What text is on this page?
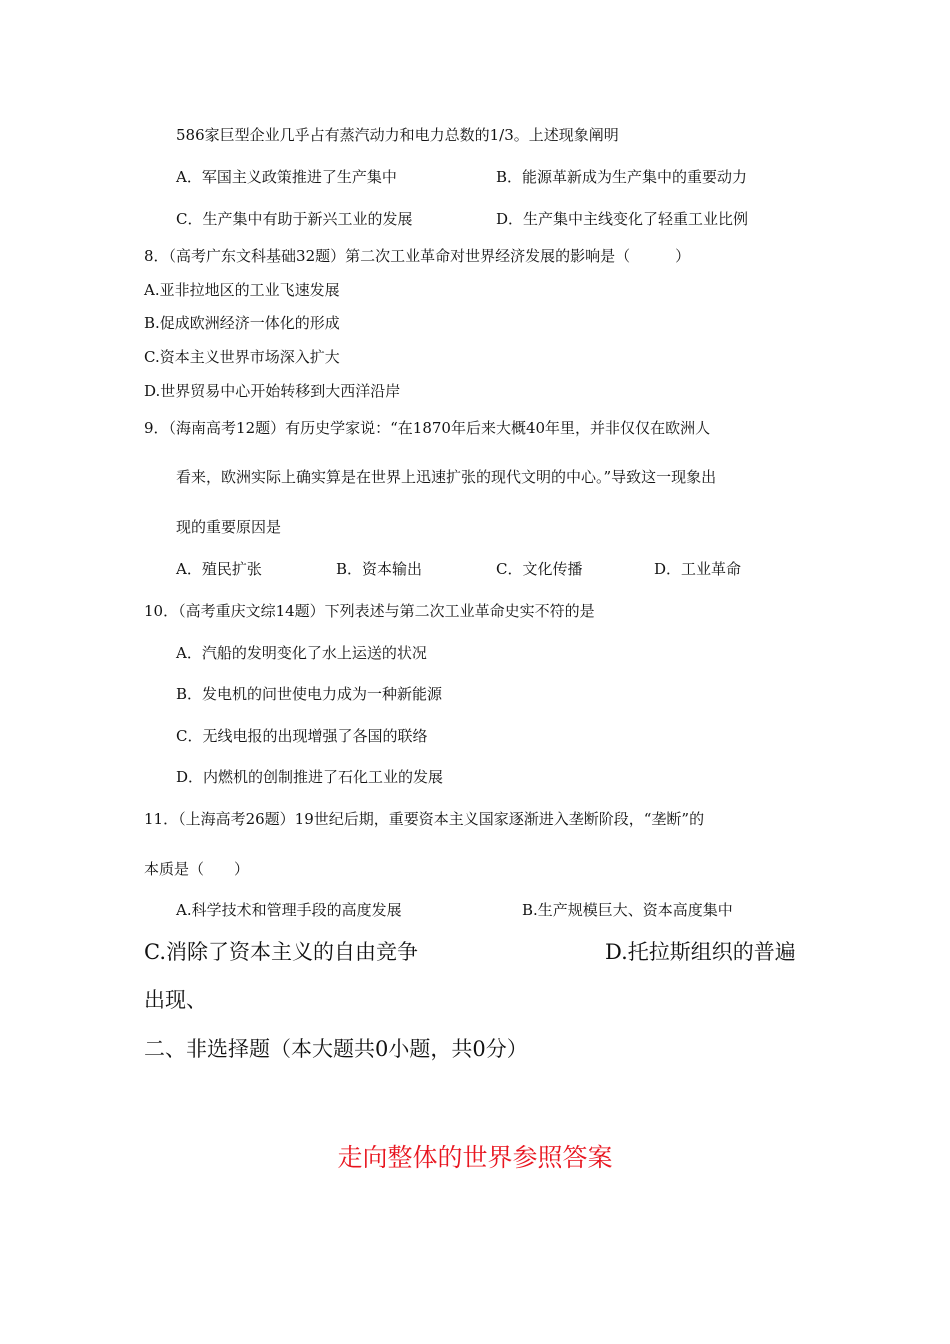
586家巨型企业几乎占有蒸汽动力和电力总数的1/3。上述现象阐明
A．军国主义政策推进了生产集中	B．能源革新成为生产集中的重要动力
C．生产集中有助于新兴工业的发展	D．生产集中主线变化了轻重工业比例
8．（高考广东文科基础32题）第二次工业革命对世界经济发展的影响是（　　　）
A.亚非拉地区的工业飞速发展
B.促成欧洲经济一体化的形成
C.资本主义世界市场深入扩大
D.世界贸易中心开始转移到大西洋沿岸
9．（海南高考12题）有历史学家说：“在1870年后来大概40年里，并非仅仅在欧洲人
看来，欧洲实际上确实算是在世界上迅速扩张的现代文明的中心。”导致这一现象出
现的重要原因是
A．殖民扩张	B．资本输出	C．文化传播	D．工业革命
10．（高考重庆文综14题）下列表述与第二次工业革命史实不符的是
A．汽船的发明变化了水上运送的状况
B．发电机的问世使电力成为一种新能源
C．无线电报的出现增强了各国的联络
D．内燃机的创制推进了石化工业的发展
11．（上海高考26题）19世纪后期，重要资本主义国家逐渐进入垄断阶段，“垄断”的
本质是（　　）
A.科学技术和管理手段的高度发展	B.生产规模巨大、资本高度集中
C.消除了资本主义的自由竞争	D.托拉斯组织的普遍
出现、
二、非选择题（本大题共0小题，共0分）
走向整体的世界参照答案
